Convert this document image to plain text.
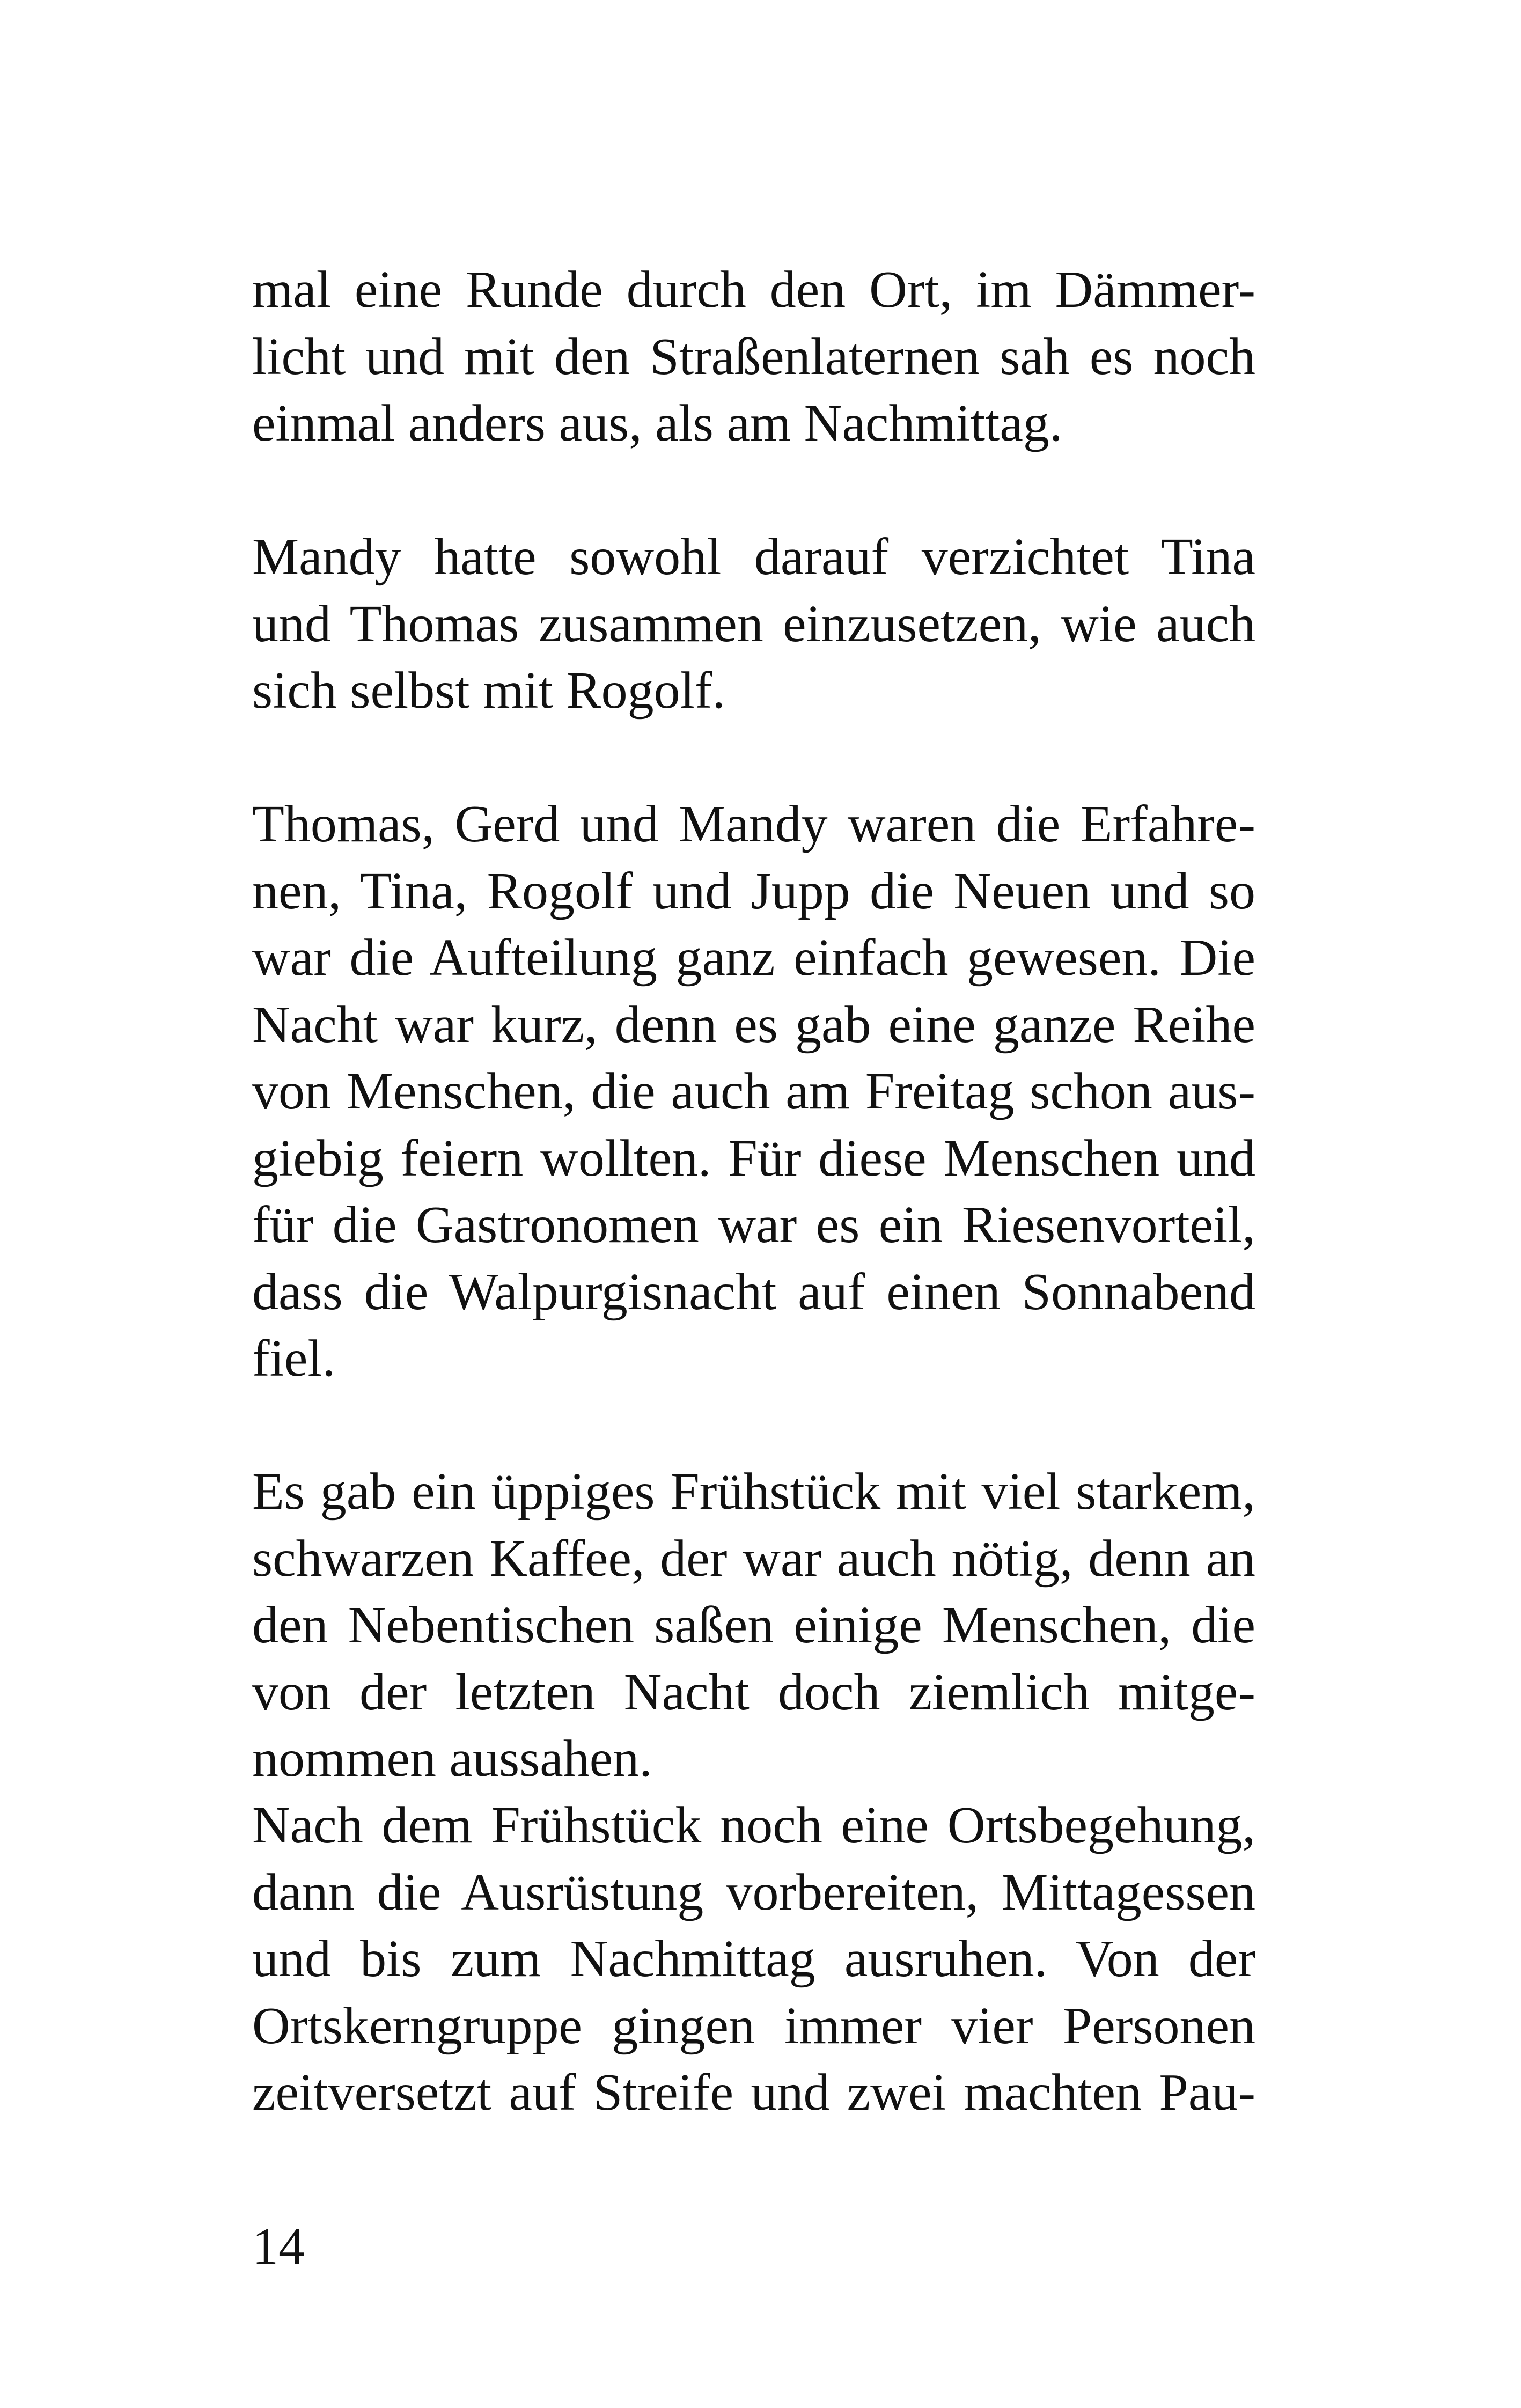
mal eine Runde durch den Ort, im Dämmer-
licht und mit den Straßenlaternen sah es noch
einmal anders aus, als am Nachmittag.
Mandy hatte sowohl darauf verzichtet Tina
und Thomas zusammen einzusetzen, wie auch
sich selbst mit Rogolf.
Thomas, Gerd und Mandy waren die Erfahre-
nen, Tina, Rogolf und Jupp die Neuen und so
war die Aufteilung ganz einfach gewesen. Die
Nacht war kurz, denn es gab eine ganze Reihe
von Menschen, die auch am Freitag schon aus-
giebig feiern wollten. Für diese Menschen und
für die Gastronomen war es ein Riesenvorteil,
dass die Walpurgisnacht auf einen Sonnabend
fiel.
Es gab ein üppiges Frühstück mit viel starkem,
schwarzen Kaffee, der war auch nötig, denn an
den Nebentischen saßen einige Menschen, die
von der letzten Nacht doch ziemlich mitge-
nommen aussahen.
Nach dem Frühstück noch eine Ortsbegehung,
dann die Ausrüstung vorbereiten, Mittagessen
und bis zum Nachmittag ausruhen. Von der
Ortskerngruppe gingen immer vier Personen
zeitversetzt auf Streife und zwei machten Pau-
14
